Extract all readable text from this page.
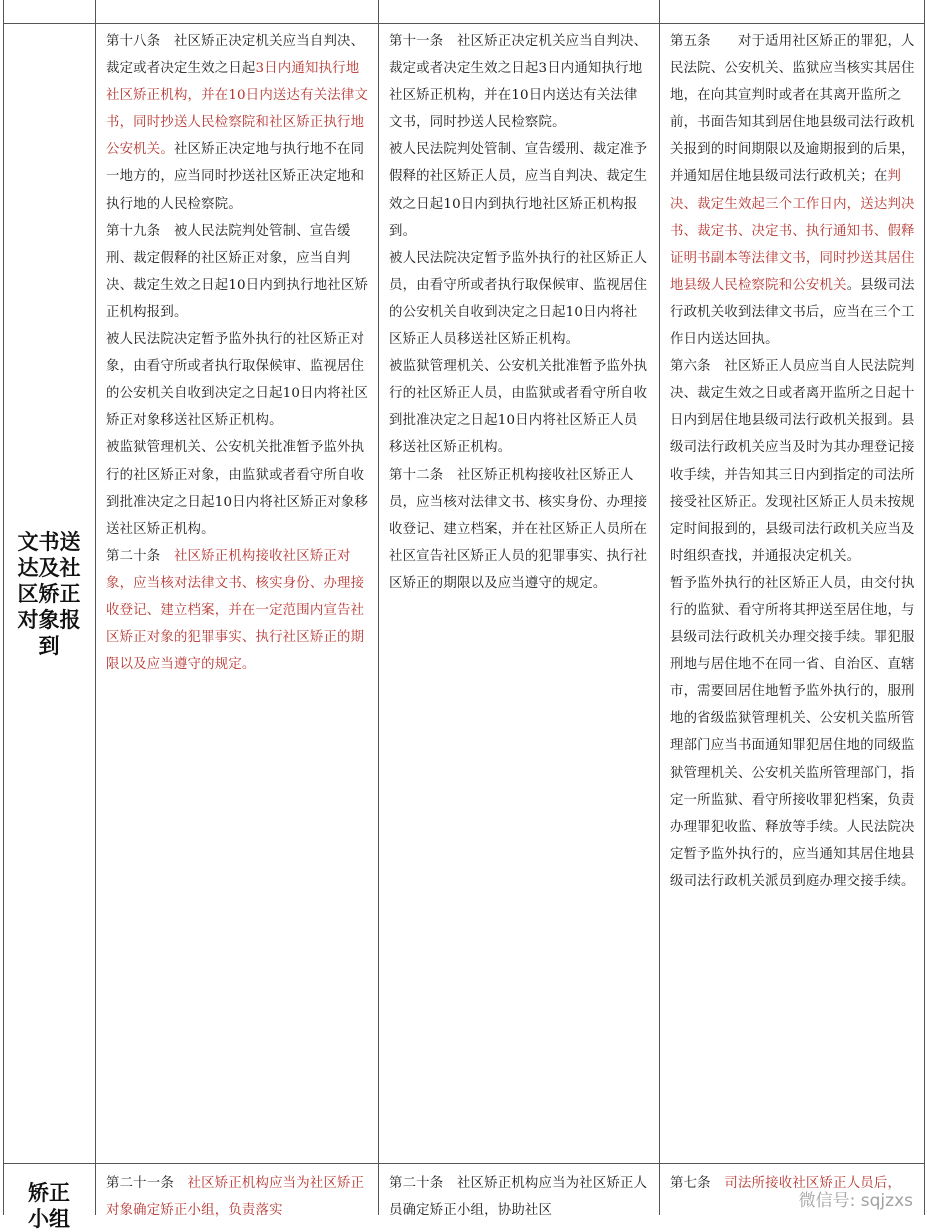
文书送达及社区矫正对象报到

第十八条　社区矫正决定机关应当自判决、裁定或者决定生效之日起3日内通知执行地社区矫正机构，并在10日内送达有关法律文书，同时抄送人民检察院和社区矫正执行地公安机关。社区矫正决定地与执行地不在同一地方的，应当同时抄送社区矫正决定地和执行地的人民检察院。

第十九条　被人民法院判处管制、宣告缓刑、裁定假释的社区矫正对象，应当自判决、裁定生效之日起10日内到执行地社区矫正机构报到。

被人民法院决定暂予监外执行的社区矫正对象，由看守所或者执行取保候审、监视居住的公安机关自收到决定之日起10日内将社区矫正对象移送社区矫正机构。

被监狱管理机关、公安机关批准暂予监外执行的社区矫正对象，由监狱或者看守所自收到批准决定之日起10日内将社区矫正对象移送社区矫正机构。

第二十条　社区矫正机构接收社区矫正对象，应当核对法律文书、核实身份、办理接收登记、建立档案，并在一定范围内宣告社区矫正对象的犯罪事实、执行社区矫正的期限以及应当遵守的规定。

第十一条　社区矫正决定机关应当自判决、裁定或者决定生效之日起3日内通知执行地社区矫正机构，并在10日内送达有关法律文书，同时抄送人民检察院。

被人民法院判处管制、宣告缓刑、裁定准予假释的社区矫正人员，应当自判决、裁定生效之日起10日内到执行地社区矫正机构报到。

被人民法院决定暂予监外执行的社区矫正人员，由看守所或者执行取保候审、监视居住的公安机关自收到决定之日起10日内将社区矫正人员移送社区矫正机构。

被监狱管理机关、公安机关批准暂予监外执行的社区矫正人员，由监狱或者看守所自收到批准决定之日起10日内将社区矫正人员移送社区矫正机构。

第十二条　社区矫正机构接收社区矫正人员，应当核对法律文书、核实身份、办理接收登记、建立档案，并在社区矫正人员所在社区宣告社区矫正人员的犯罪事实、执行社区矫正的期限以及应当遵守的规定。

第五条　　对于适用社区矫正的罪犯，人民法院、公安机关、监狱应当核实其居住地，在向其宣判时或者在其离开监所之前，书面告知其到居住地县级司法行政机关报到的时间期限以及逾期报到的后果，并通知居住地县级司法行政机关；在判决、裁定生效起三个工作日内，送达判决书、裁定书、决定书、执行通知书、假释证明书副本等法律文书，同时抄送其居住地县级人民检察院和公安机关。县级司法行政机关收到法律文书后，应当在三个工作日内送达回执。

第六条　社区矫正人员应当自人民法院判决、裁定生效之日或者离开监所之日起十日内到居住地县级司法行政机关报到。县级司法行政机关应当及时为其办理登记接收手续，并告知其三日内到指定的司法所接受社区矫正。发现社区矫正人员未按规定时间报到的，县级司法行政机关应当及时组织查找，并通报决定机关。

暂予监外执行的社区矫正人员，由交付执行的监狱、看守所将其押送至居住地，与县级司法行政机关办理交接手续。罪犯服刑地与居住地不在同一省、自治区、直辖市，需要回居住地暂予监外执行的，服刑地的省级监狱管理机关、公安机关监所管理部门应当书面通知罪犯居住地的同级监狱管理机关、公安机关监所管理部门，指定一所监狱、看守所接收罪犯档案，负责办理罪犯收监、释放等手续。人民法院决定暂予监外执行的，应当通知其居住地县级司法行政机关派员到庭办理交接手续。

矫正小组

第二十一条　社区矫正机构应当为社区矫正对象确定矫正小组，负责落实

第二十条　社区矫正机构应当为社区矫正人员确定矫正小组，协助社区

第七条　司法所接收社区矫正人员后，

微信号: sqjzxs
